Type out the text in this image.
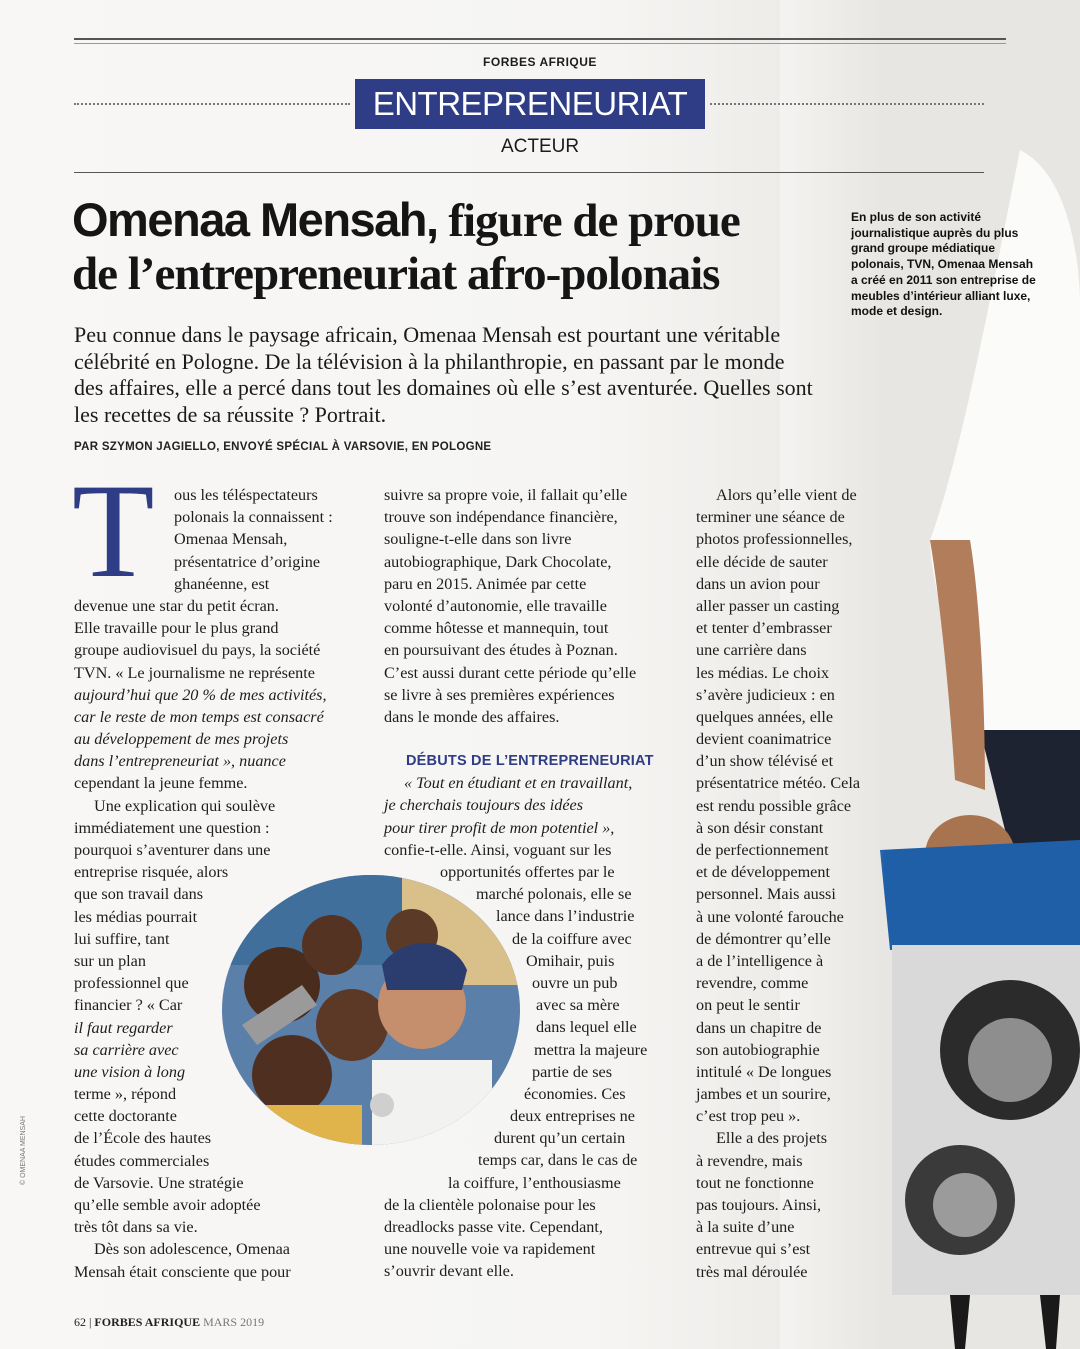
FORBES AFRIQUE
ENTREPRENEURIAT
ACTEUR
Omenaa Mensah, figure de proue
de l’entrepreneuriat afro-polonais
En plus de son activité journalistique auprès du plus grand groupe médiatique polonais, TVN, Omenaa Mensah a créé en 2011 son entreprise de meubles d’intérieur alliant luxe, mode et design.
Peu connue dans le paysage africain, Omenaa Mensah est pourtant une véritable célébrité en Pologne. De la télévision à la philanthropie, en passant par le monde des affaires, elle a percé dans tout les domaines où elle s’est aventurée. Quelles sont les recettes de sa réussite ? Portrait.
PAR SZYMON JAGIELLO, ENVOYÉ SPÉCIAL À VARSOVIE, EN POLOGNE
T	ous les téléspectateurs
polonais la connaissent :
Omenaa Mensah,
présentatrice d’origine
ghanéenne, est
devenue une star du petit écran.
Elle travaille pour le plus grand
groupe audiovisuel du pays, la société
TVN. « Le journalisme ne représente
aujourd’hui que 20 % de mes activités,
car le reste de mon temps est consacré
au développement de mes projets
dans l’entrepreneuriat », nuance
cependant la jeune femme.
Une explication qui soulève
immédiatement une question :
pourquoi s’aventurer dans une
entreprise risquée, alors
que son travail dans
les médias pourrait
lui suffire, tant
sur un plan
professionnel que
financier ? « Car
il faut regarder
sa carrière avec
une vision à long
terme », répond
cette doctorante
de l’École des hautes
études commerciales
de Varsovie. Une stratégie
qu’elle semble avoir adoptée
très tôt dans sa vie.
Dès son adolescence, Omenaa
Mensah était consciente que pour
suivre sa propre voie, il fallait qu’elle
trouve son indépendance financière,
souligne-t-elle dans son livre
autobiographique, Dark Chocolate,
paru en 2015. Animée par cette
volonté d’autonomie, elle travaille
comme hôtesse et mannequin, tout
en poursuivant des études à Poznan.
C’est aussi durant cette période qu’elle
se livre à ses premières expériences
dans le monde des affaires.
DÉBUTS DE L’ENTREPRENEURIAT
« Tout en étudiant et en travaillant,
je cherchais toujours des idées
pour tirer profit de mon potentiel »,
confie-t-elle. Ainsi, voguant sur les
opportunités offertes par le
marché polonais, elle se
lance dans l’industrie
de la coiffure avec
Omihair, puis
ouvre un pub
avec sa mère
dans lequel elle
mettra la majeure
partie de ses
économies. Ces
deux entreprises ne
durent qu’un certain
temps car, dans le cas de
la coiffure, l’enthousiasme
de la clientèle polonaise pour les
dreadlocks passe vite. Cependant,
une nouvelle voie va rapidement
s’ouvrir devant elle.
Alors qu’elle vient de
terminer une séance de
photos professionnelles,
elle décide de sauter
dans un avion pour
aller passer un casting
et tenter d’embrasser
une carrière dans
les médias. Le choix
s’avère judicieux : en
quelques années, elle
devient coanimatrice
d’un show télévisé et
présentatrice météo. Cela
est rendu possible grâce
à son désir constant
de perfectionnement
et de développement
personnel. Mais aussi
à une volonté farouche
de démontrer qu’elle
a de l’intelligence à
revendre, comme
on peut le sentir
dans un chapitre de
son autobiographie
intitulé « De longues
jambes et un sourire,
c’est trop peu ».
Elle a des projets
à revendre, mais
tout ne fonctionne
pas toujours. Ainsi,
à la suite d’une
entrevue qui s’est
très mal déroulée
© OMENAA MENSAH
62 | FORBES AFRIQUE MARS 2019
